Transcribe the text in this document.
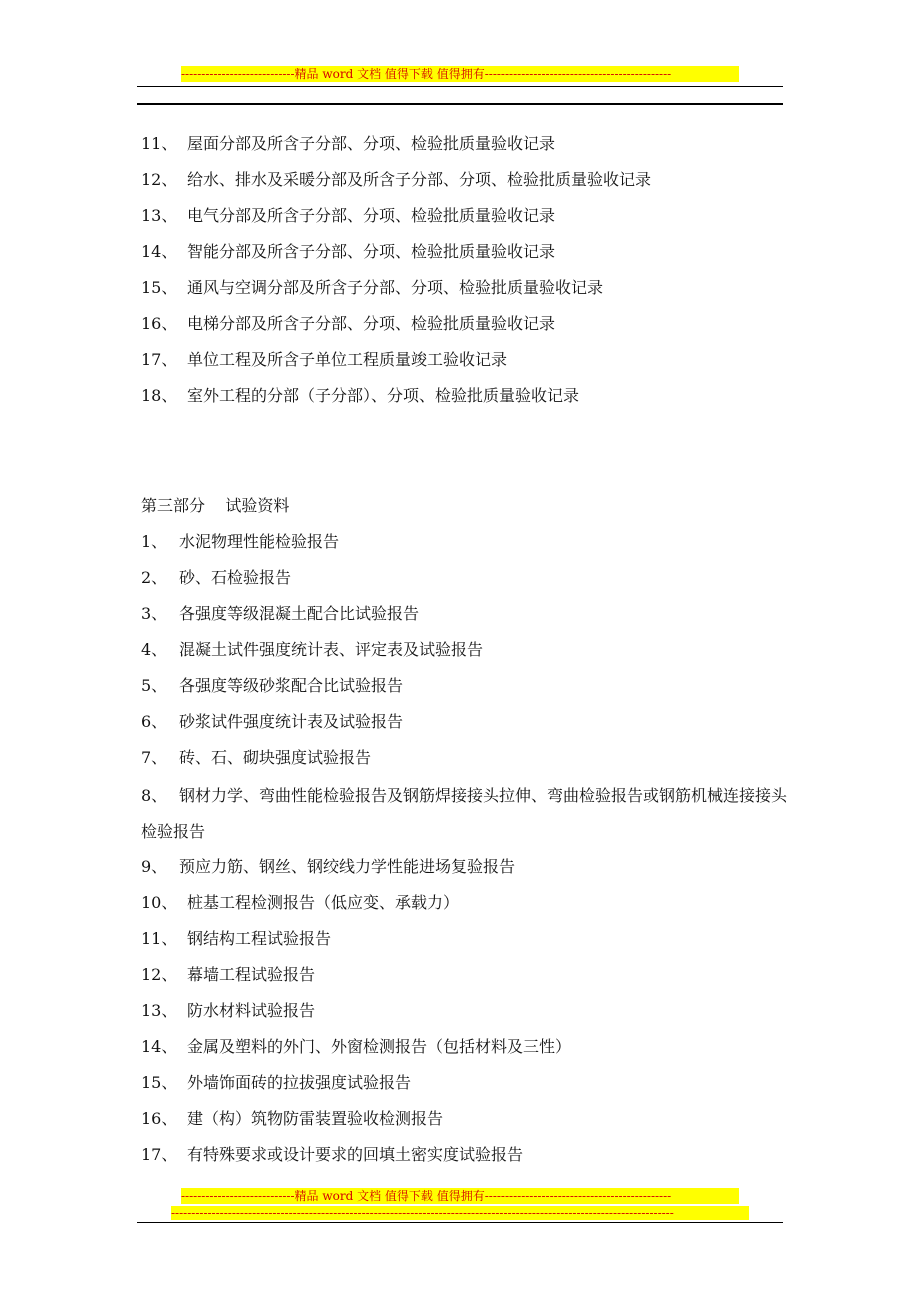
----------------------------精品 word 文档 值得下载 值得拥有----------------------------------------------
11、 屋面分部及所含子分部、分项、检验批质量验收记录
12、 给水、排水及采暖分部及所含子分部、分项、检验批质量验收记录
13、 电气分部及所含子分部、分项、检验批质量验收记录
14、 智能分部及所含子分部、分项、检验批质量验收记录
15、 通风与空调分部及所含子分部、分项、检验批质量验收记录
16、 电梯分部及所含子分部、分项、检验批质量验收记录
17、 单位工程及所含子单位工程质量竣工验收记录
18、 室外工程的分部（子分部）、分项、检验批质量验收记录
第三部分    试验资料
1、 水泥物理性能检验报告
2、 砂、石检验报告
3、 各强度等级混凝土配合比试验报告
4、 混凝土试件强度统计表、评定表及试验报告
5、 各强度等级砂浆配合比试验报告
6、 砂浆试件强度统计表及试验报告
7、 砖、石、砌块强度试验报告
8、 钢材力学、弯曲性能检验报告及钢筋焊接接头拉伸、弯曲检验报告或钢筋机械连接接头检验报告
9、 预应力筋、钢丝、钢绞线力学性能进场复验报告
10、 桩基工程检测报告（低应变、承载力）
11、 钢结构工程试验报告
12、 幕墙工程试验报告
13、 防水材料试验报告
14、 金属及塑料的外门、外窗检测报告（包括材料及三性）
15、 外墙饰面砖的拉拔强度试验报告
16、 建（构）筑物防雷装置验收检测报告
17、 有特殊要求或设计要求的回填土密实度试验报告
----------------------------精品 word 文档 值得下载 值得拥有----------------------------------------------
----------------------------------------------------------------------------------------------------------------------------
